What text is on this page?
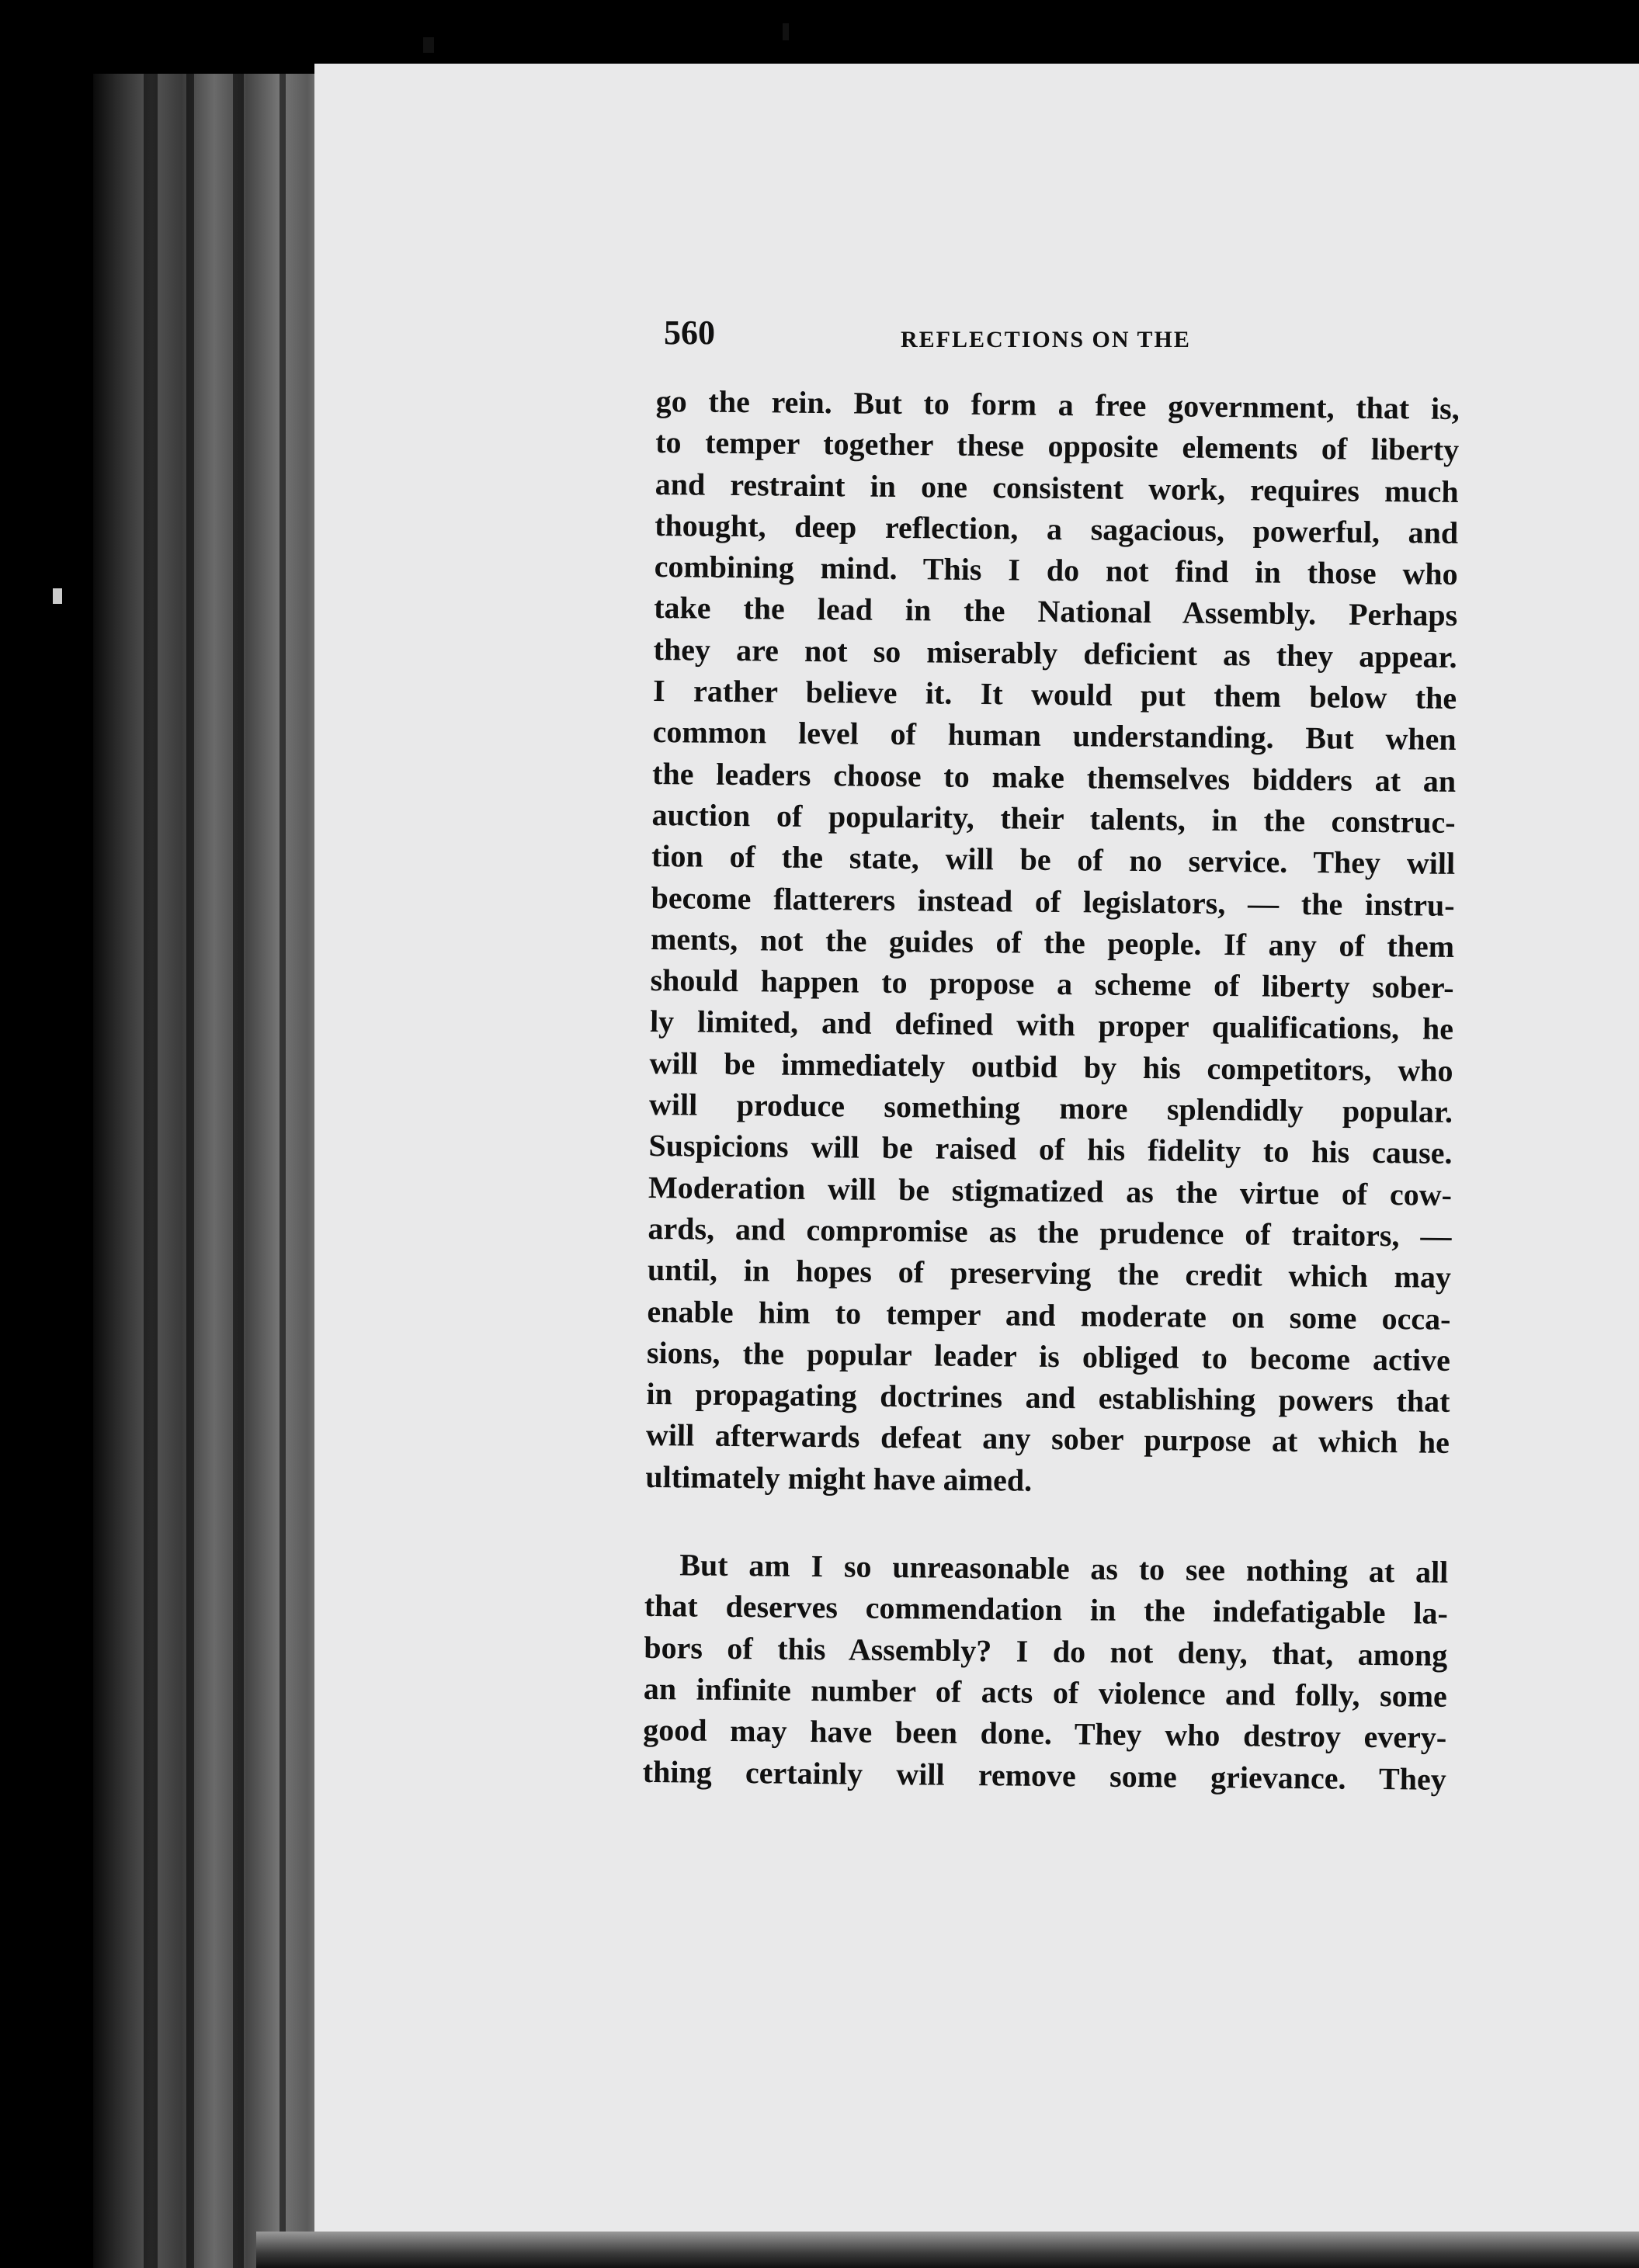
560	REFLECTIONS ON THE
go the rein. But to form a free government, that is,
to temper together these opposite elements of liberty
and restraint in one consistent work, requires much
thought, deep reflection, a sagacious, powerful, and
combining mind. This I do not find in those who
take the lead in the National Assembly. Perhaps
they are not so miserably deficient as they appear.
I rather believe it. It would put them below the
common level of human understanding. But when
the leaders choose to make themselves bidders at an
auction of popularity, their talents, in the construc-
tion of the state, will be of no service. They will
become flatterers instead of legislators, — the instru-
ments, not the guides of the people. If any of them
should happen to propose a scheme of liberty sober-
ly limited, and defined with proper qualifications, he
will be immediately outbid by his competitors, who
will produce something more splendidly popular.
Suspicions will be raised of his fidelity to his cause.
Moderation will be stigmatized as the virtue of cow-
ards, and compromise as the prudence of traitors, —
until, in hopes of preserving the credit which may
enable him to temper and moderate on some occa-
sions, the popular leader is obliged to become active
in propagating doctrines and establishing powers that
will afterwards defeat any sober purpose at which he
ultimately might have aimed.
But am I so unreasonable as to see nothing at all
that deserves commendation in the indefatigable la-
bors of this Assembly? I do not deny, that, among
an infinite number of acts of violence and folly, some
good may have been done. They who destroy every-
thing certainly will remove some grievance. They
